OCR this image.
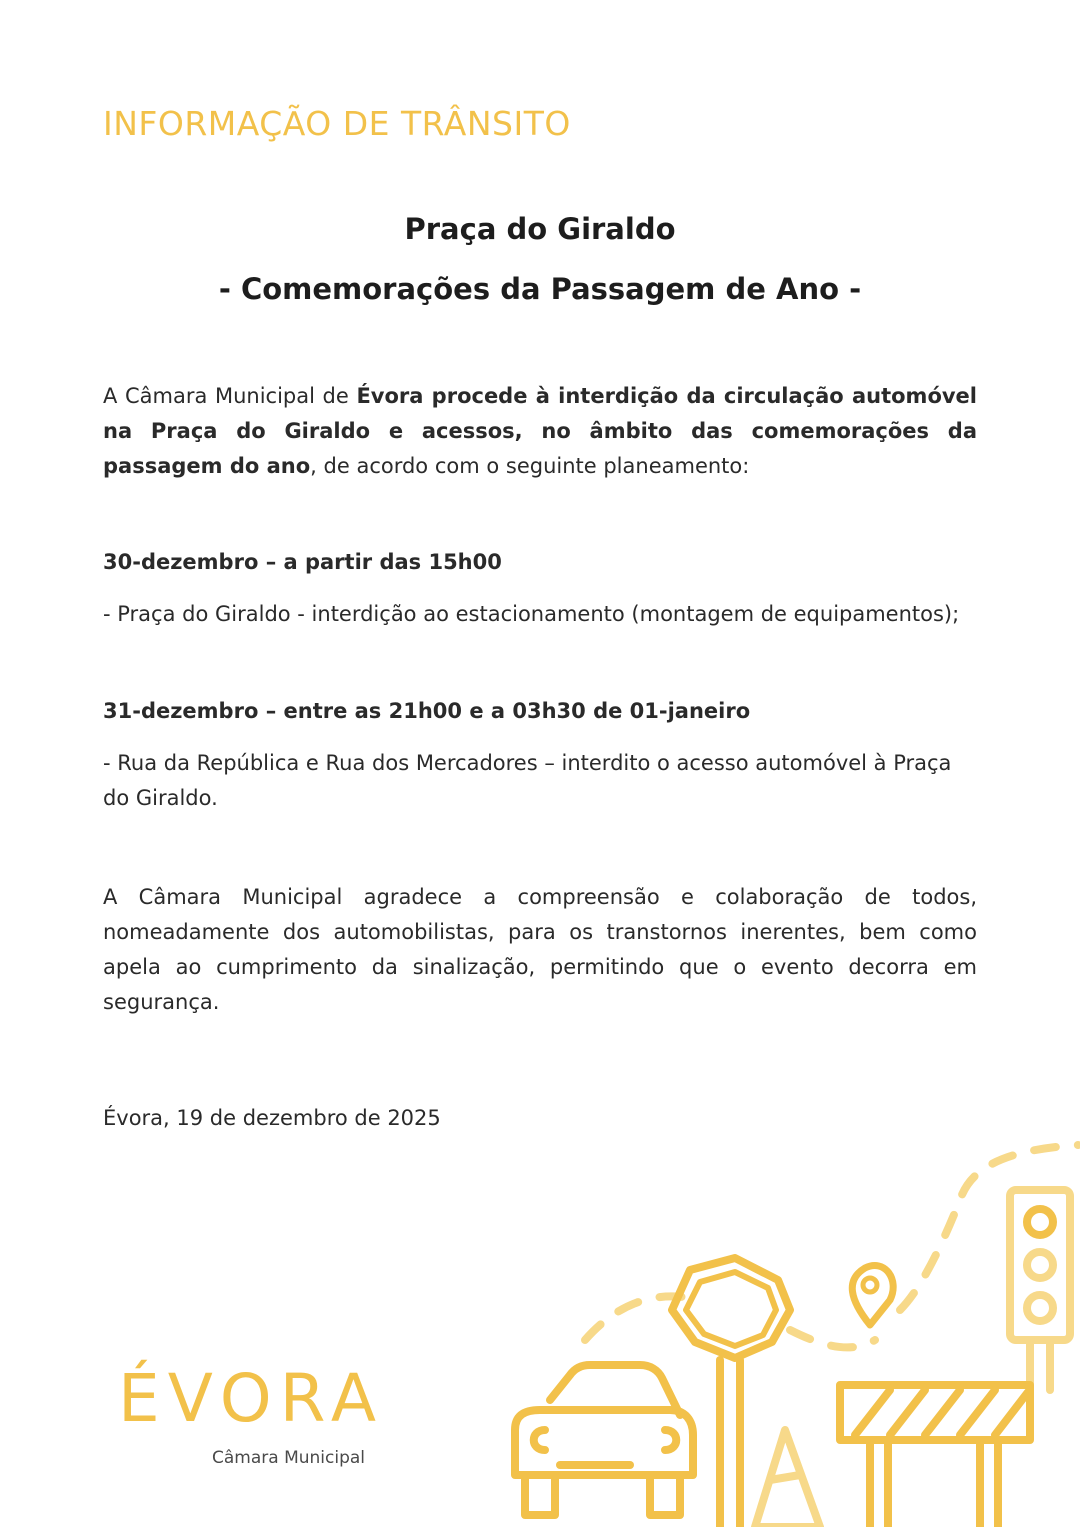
INFORMAÇÃO DE TRÂNSITO
Praça do Giraldo
- Comemorações da Passagem de Ano -

A Câmara Municipal de Évora procede à interdição da circulação automóvel na Praça do Giraldo e acessos, no âmbito das comemorações da passagem do ano, de acordo com o seguinte planeamento:

30-dezembro – a partir das 15h00

- Praça do Giraldo - interdição ao estacionamento (montagem de equipamentos);

31-dezembro – entre as 21h00 e a 03h30 de 01-janeiro

- Rua da República e Rua dos Mercadores – interdito o acesso automóvel à Praça do Giraldo.

A Câmara Municipal agradece a compreensão e colaboração de todos, nomeadamente dos automobilistas, para os transtornos inerentes, bem como apela ao cumprimento da sinalização, permitindo que o evento decorra em segurança.

Évora, 19 de dezembro de 2025

ÉVORA
Câmara Municipal
